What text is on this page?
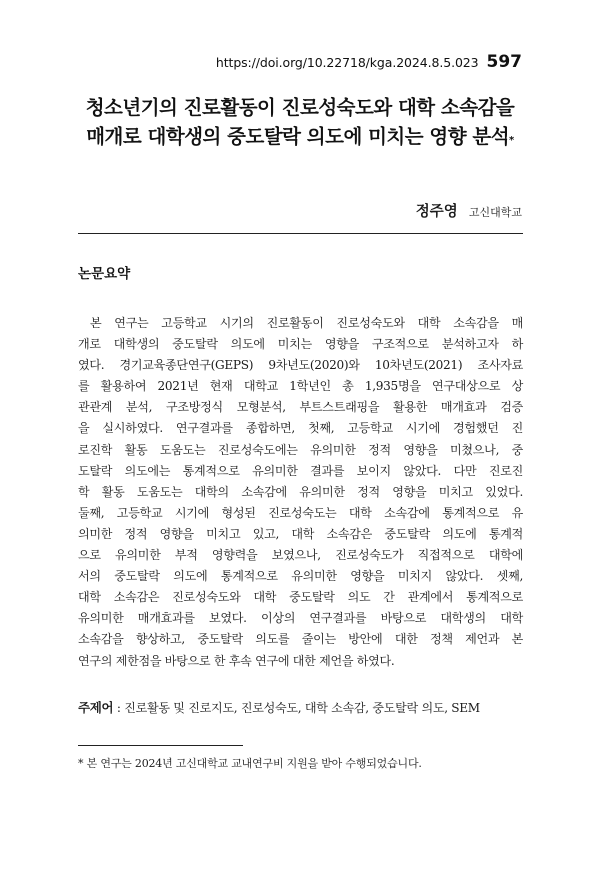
https://doi.org/10.22718/kga.2024.8.5.023 597
청소년기의 진로활동이 진로성숙도와 대학 소속감을
매개로 대학생의 중도탈락 의도에 미치는 영향 분석*
정주영 고신대학교
논문요약
본 연구는 고등학교 시기의 진로활동이 진로성숙도와 대학 소속감을 매
개로 대학생의 중도탈락 의도에 미치는 영향을 구조적으로 분석하고자 하
였다. 경기교육종단연구(GEPS) 9차년도(2020)와 10차년도(2021) 조사자료
를 활용하여 2021년 현재 대학교 1학년인 총 1,935명을 연구대상으로 상
관관계 분석, 구조방정식 모형분석, 부트스트래핑을 활용한 매개효과 검증
을 실시하였다. 연구결과를 종합하면, 첫째, 고등학교 시기에 경험했던 진
로진학 활동 도움도는 진로성숙도에는 유의미한 정적 영향을 미쳤으나, 중
도탈락 의도에는 통계적으로 유의미한 결과를 보이지 않았다. 다만 진로진
학 활동 도움도는 대학의 소속감에 유의미한 정적 영향을 미치고 있었다.
둘째, 고등학교 시기에 형성된 진로성숙도는 대학 소속감에 통계적으로 유
의미한 정적 영향을 미치고 있고, 대학 소속감은 중도탈락 의도에 통계적
으로 유의미한 부적 영향력을 보였으나, 진로성숙도가 직접적으로 대학에
서의 중도탈락 의도에 통계적으로 유의미한 영향을 미치지 않았다. 셋째,
대학 소속감은 진로성숙도와 대학 중도탈락 의도 간 관계에서 통계적으로
유의미한 매개효과를 보였다. 이상의 연구결과를 바탕으로 대학생의 대학
소속감을 향상하고, 중도탈락 의도를 줄이는 방안에 대한 정책 제언과 본
연구의 제한점을 바탕으로 한 후속 연구에 대한 제언을 하였다.
주제어 : 진로활동 및 진로지도, 진로성숙도, 대학 소속감, 중도탈락 의도, SEM
* 본 연구는 2024년 고신대학교 교내연구비 지원을 받아 수행되었습니다.
